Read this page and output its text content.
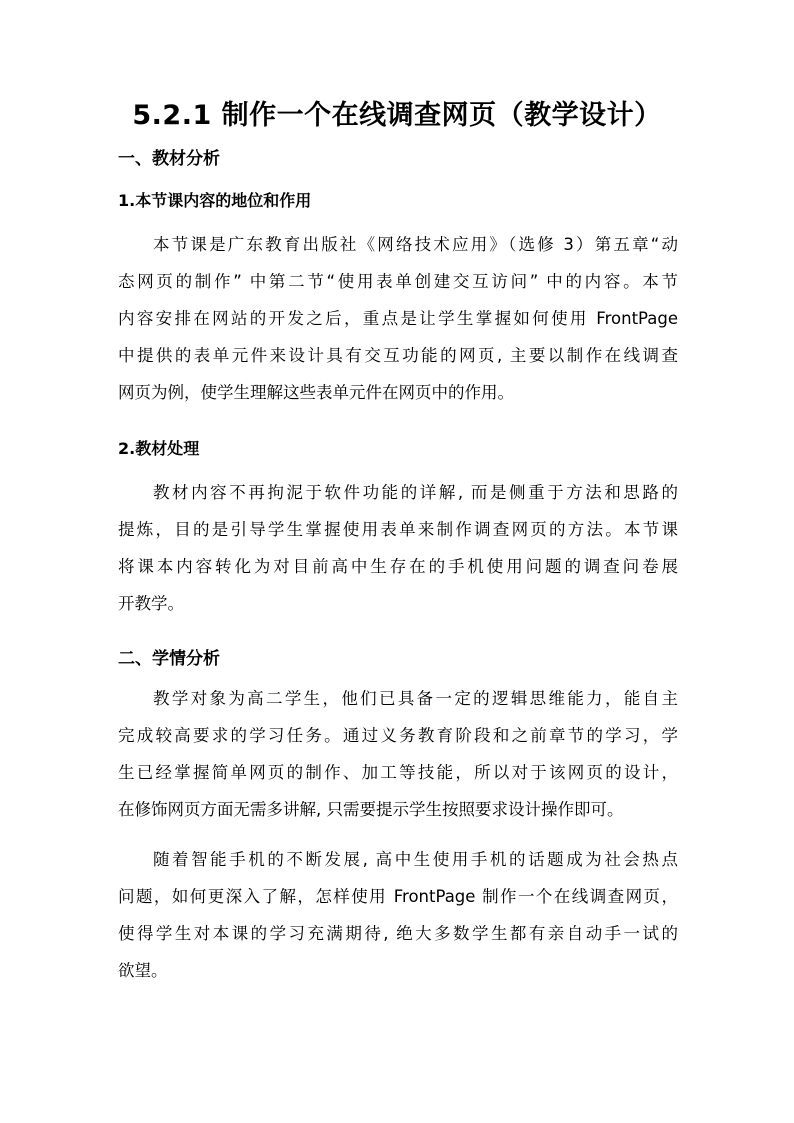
5.2.1 制作一个在线调查网页（教学设计）
一、教材分析
1.本节课内容的地位和作用
本节课是广东教育出版社《网络技术应用》（选修 3）第五章“动
态网页的制作” 中第二节“使用表单创建交互访问” 中的内容。本节
内容安排在网站的开发之后，重点是让学生掌握如何使用 FrontPage
中提供的表单元件来设计具有交互功能的网页, 主要以制作在线调查
网页为例，使学生理解这些表单元件在网页中的作用。
2.教材处理
教材内容不再拘泥于软件功能的详解, 而是侧重于方法和思路的
提炼，目的是引导学生掌握使用表单来制作调查网页的方法。本节课
将课本内容转化为对目前高中生存在的手机使用问题的调查问卷展
开教学。
二、学情分析
教学对象为高二学生，他们已具备一定的逻辑思维能力，能自主
完成较高要求的学习任务。通过义务教育阶段和之前章节的学习，学
生已经掌握简单网页的制作、加工等技能，所以对于该网页的设计，
在修饰网页方面无需多讲解, 只需要提示学生按照要求设计操作即可。
随着智能手机的不断发展, 高中生使用手机的话题成为社会热点
问题，如何更深入了解，怎样使用 FrontPage 制作一个在线调查网页，
使得学生对本课的学习充满期待, 绝大多数学生都有亲自动手一试的
欲望。
